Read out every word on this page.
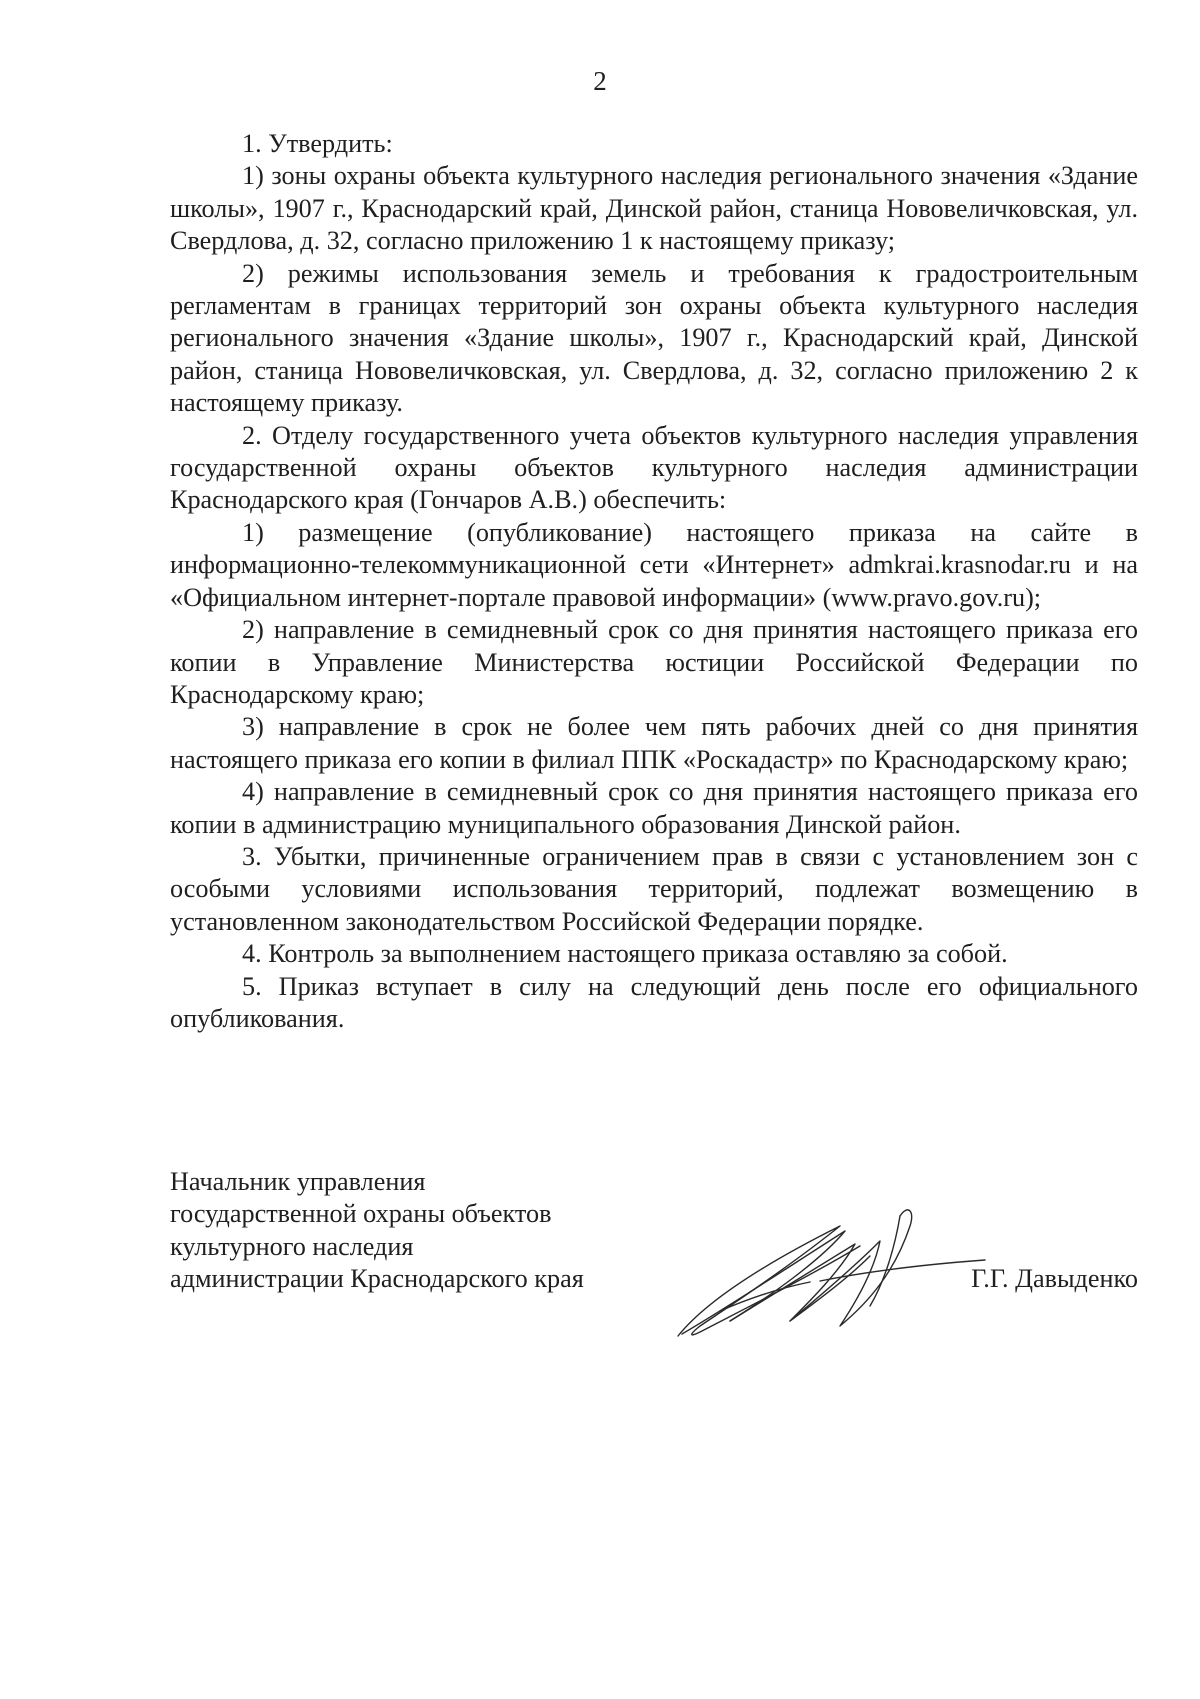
2

1. Утвердить:

1) зоны охраны объекта культурного наследия регионального значения «Здание школы», 1907 г., Краснодарский край, Динской район, станица Нововеличковская, ул. Свердлова, д. 32, согласно приложению 1 к настоящему приказу;

2) режимы использования земель и требования к градостроительным регламентам в границах территорий зон охраны объекта культурного наследия регионального значения «Здание школы», 1907 г., Краснодарский край, Динской район, станица Нововеличковская, ул. Свердлова, д. 32, согласно приложению 2 к настоящему приказу.

2. Отделу государственного учета объектов культурного наследия управления государственной охраны объектов культурного наследия администрации Краснодарского края (Гончаров А.В.) обеспечить:

1) размещение (опубликование) настоящего приказа на сайте в информационно-телекоммуникационной сети «Интернет» admkrai.krasnodar.ru и на «Официальном интернет-портале правовой информации» (www.pravo.gov.ru);

2) направление в семидневный срок со дня принятия настоящего приказа его копии в Управление Министерства юстиции Российской Федерации по Краснодарскому краю;

3) направление в срок не более чем пять рабочих дней со дня принятия настоящего приказа его копии в филиал ППК «Роскадастр» по Краснодарскому краю;

4) направление в семидневный срок со дня принятия настоящего приказа его копии в администрацию муниципального образования Динской район.

3. Убытки, причиненные ограничением прав в связи с установлением зон с особыми условиями использования территорий, подлежат возмещению в установленном законодательством Российской Федерации порядке.

4. Контроль за выполнением настоящего приказа оставляю за собой.

5. Приказ вступает в силу на следующий день после его официального опубликования.

Начальник управления
государственной охраны объектов
культурного наследия
администрации Краснодарского края	Г.Г. Давыденко
